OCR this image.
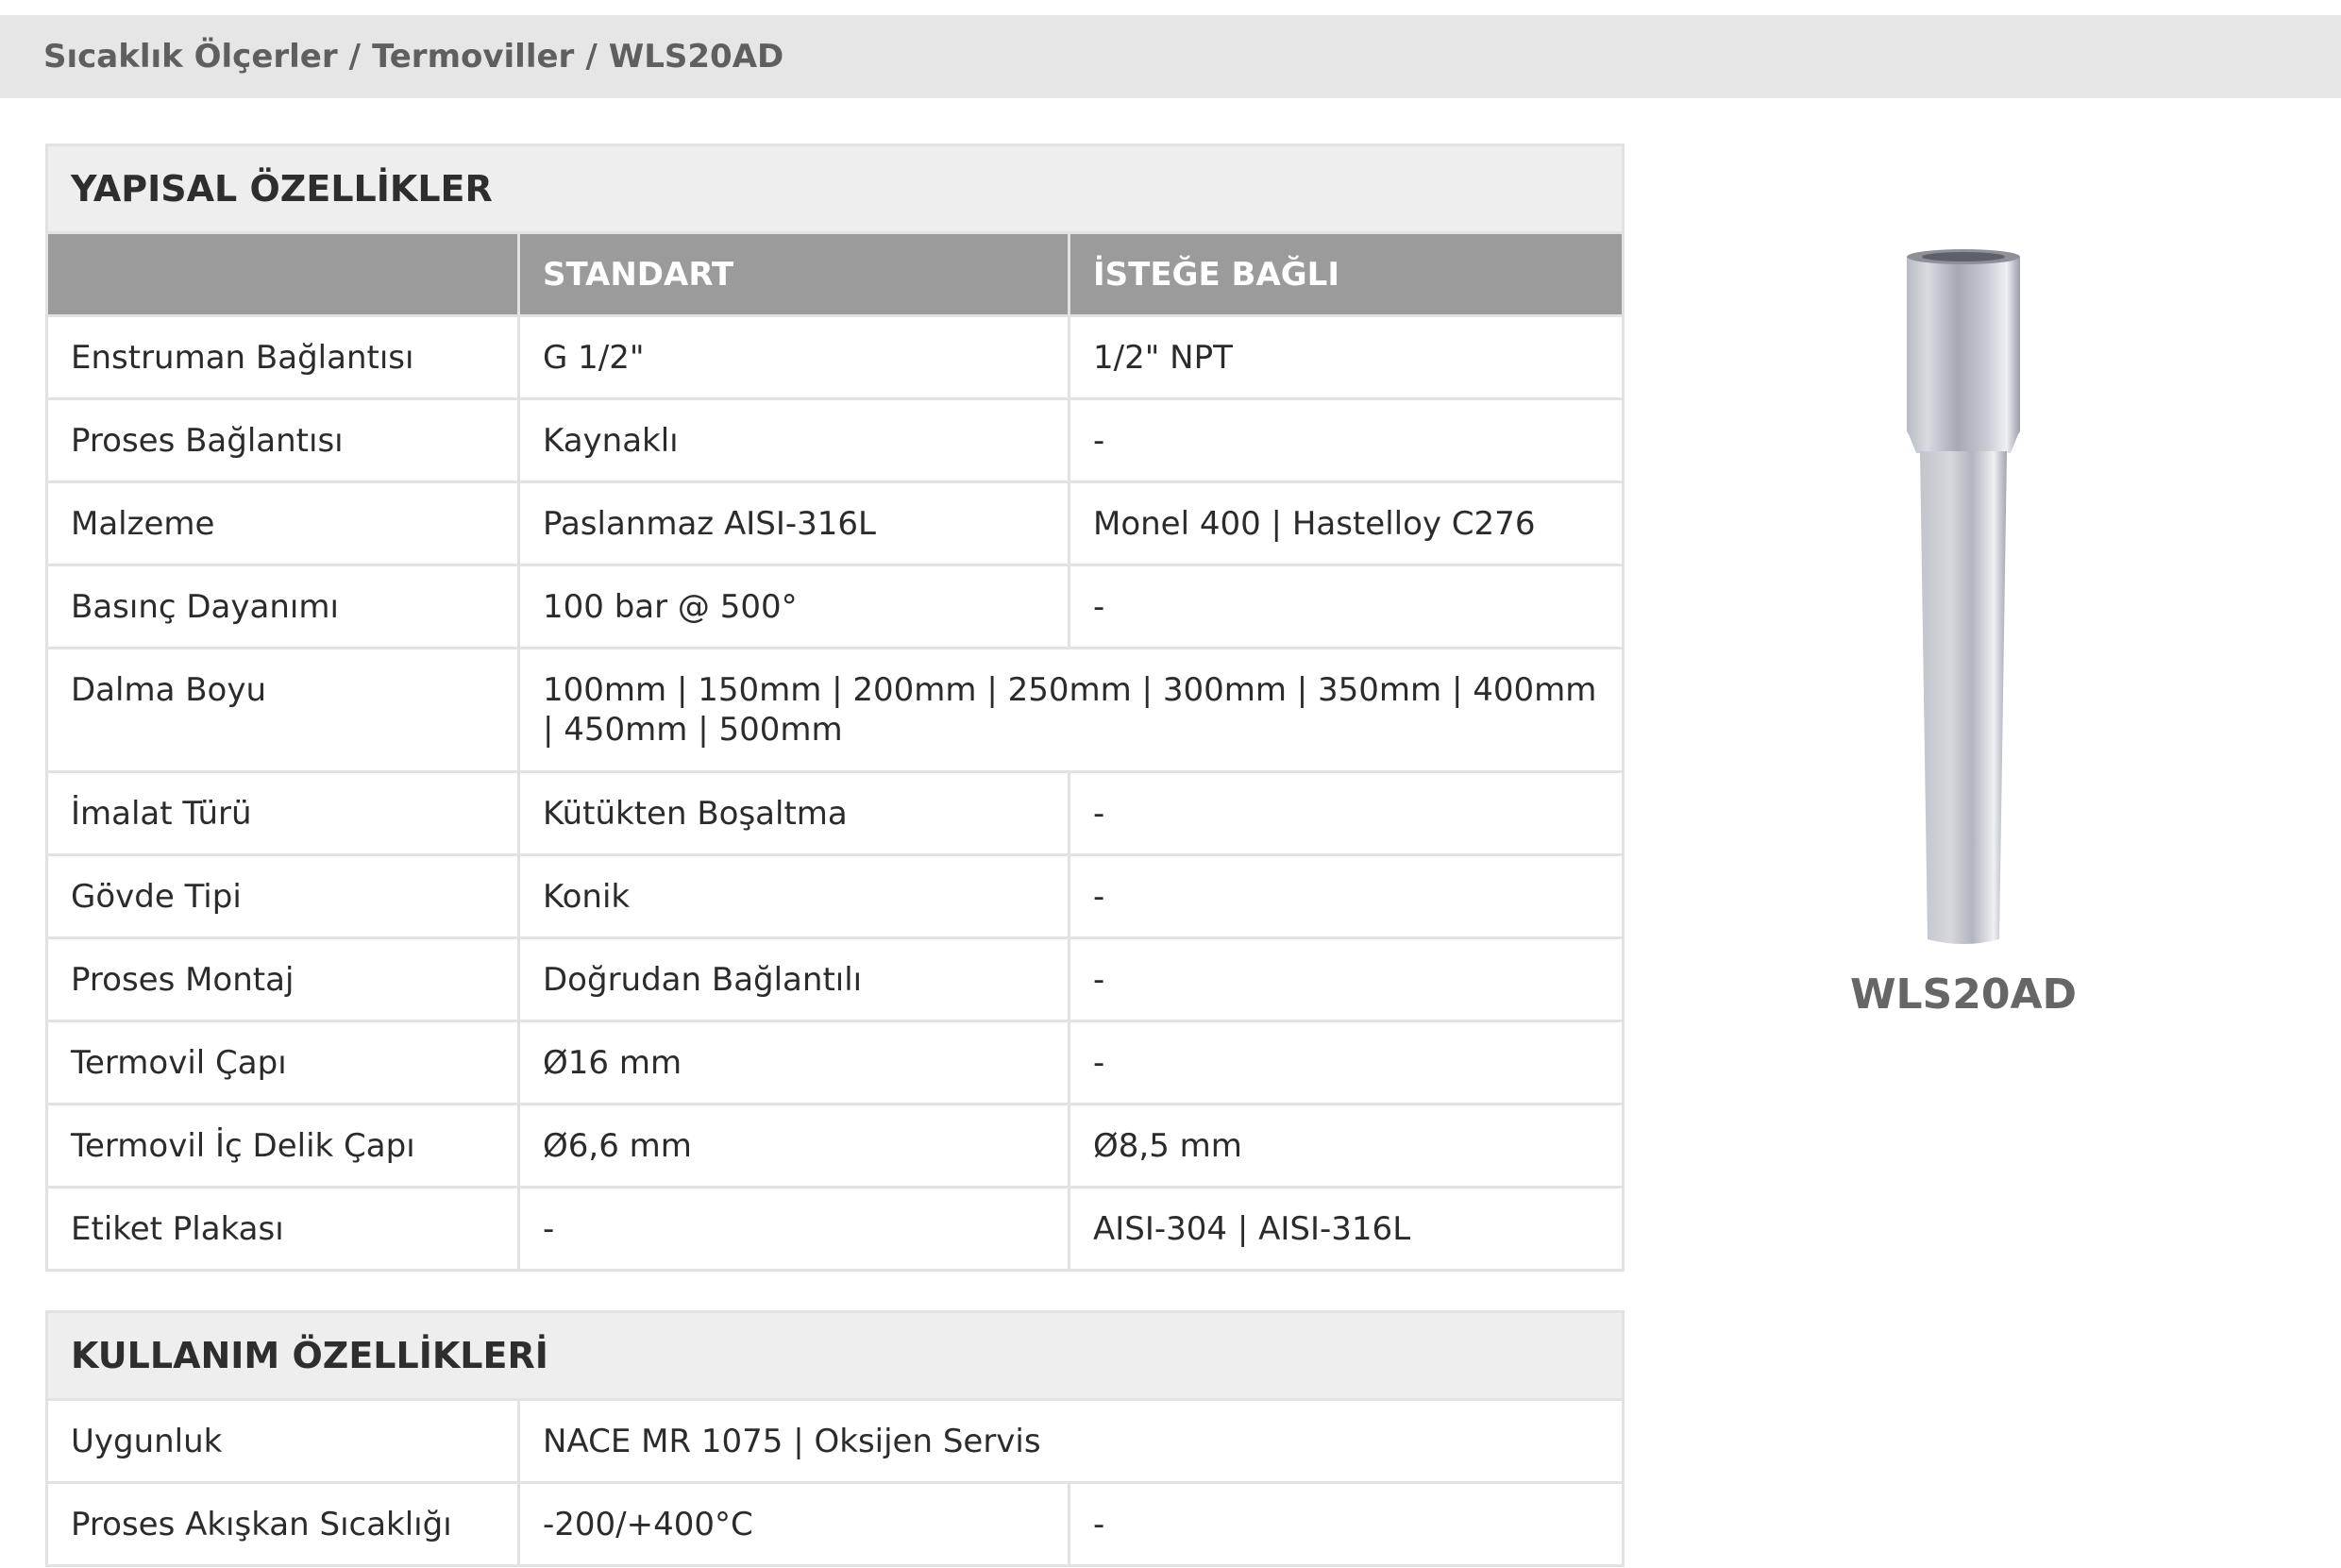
Sıcaklık Ölçerler / Termoviller / WLS20AD
YAPISAL ÖZELLİKLER		
	STANDART	İSTEĞE BAĞLI
Enstruman Bağlantısı	G 1/2"	1/2" NPT
Proses Bağlantısı	Kaynaklı	-
Malzeme	Paslanmaz AISI-316L	Monel 400 | Hastelloy C276
Basınç Dayanımı	100 bar @ 500°	-
Dalma Boyu	100mm | 150mm | 200mm | 250mm | 300mm | 350mm | 400mm | 450mm | 500mm	
İmalat Türü	Kütükten Boşaltma	-
Gövde Tipi	Konik	-
Proses Montaj	Doğrudan Bağlantılı	-
Termovil Çapı	Ø16 mm	-
Termovil İç Delik Çapı	Ø6,6 mm	Ø8,5 mm
Etiket Plakası	-	AISI-304 | AISI-316L
KULLANIM ÖZELLİKLERİ		
Uygunluk	NACE MR 1075 | Oksijen Servis	
Proses Akışkan Sıcaklığı	-200/+400°C	-
WLS20AD
